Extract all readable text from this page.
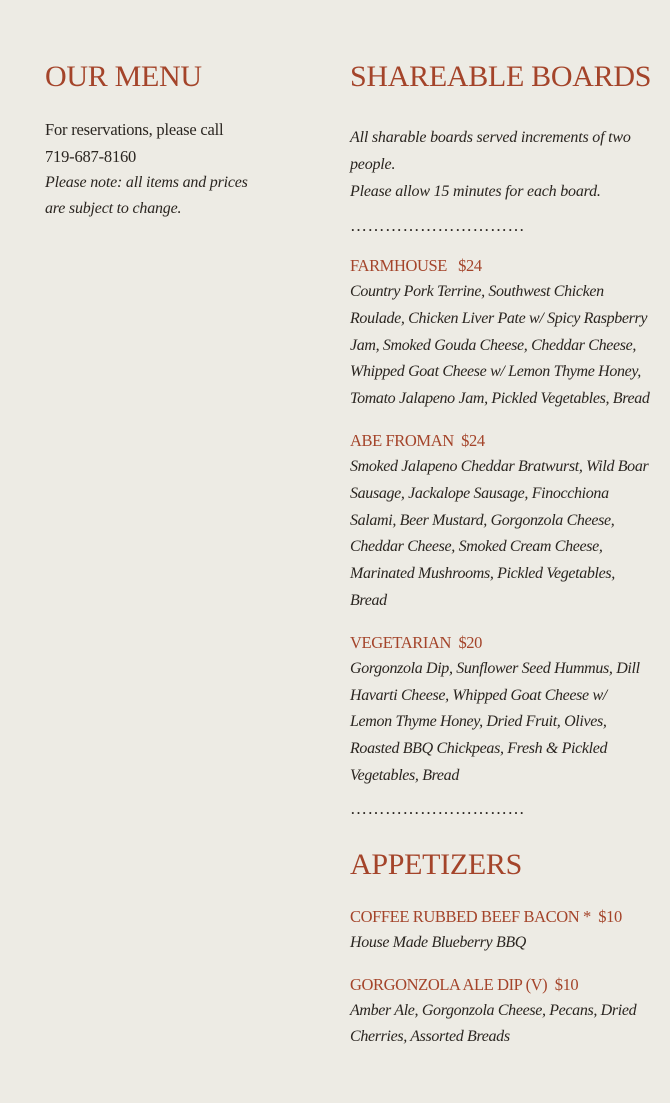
OUR MENU
For reservations, please call
719-687-8160
Please note: all items and prices
are subject to change.
SHAREABLE BOARDS
All sharable boards served increments of two people.
Please allow 15 minutes for each board.
…………………………
FARMHOUSE   $24
Country Pork Terrine, Southwest Chicken Roulade, Chicken Liver Pate w/ Spicy Raspberry Jam, Smoked Gouda Cheese, Cheddar Cheese, Whipped Goat Cheese w/ Lemon Thyme Honey, Tomato Jalapeno Jam, Pickled Vegetables, Bread
ABE FROMAN  $24
Smoked Jalapeno Cheddar Bratwurst, Wild Boar Sausage, Jackalope Sausage, Finocchiona Salami, Beer Mustard, Gorgonzola Cheese, Cheddar Cheese, Smoked Cream Cheese, Marinated Mushrooms, Pickled Vegetables, Bread
VEGETARIAN  $20
Gorgonzola Dip, Sunflower Seed Hummus, Dill Havarti Cheese, Whipped Goat Cheese w/ Lemon Thyme Honey, Dried Fruit, Olives, Roasted BBQ Chickpeas, Fresh & Pickled Vegetables, Bread
…………………………
APPETIZERS
COFFEE RUBBED BEEF BACON *  $10
House Made Blueberry BBQ
GORGONZOLA ALE DIP (V)  $10
Amber Ale, Gorgonzola Cheese, Pecans, Dried Cherries, Assorted Breads
